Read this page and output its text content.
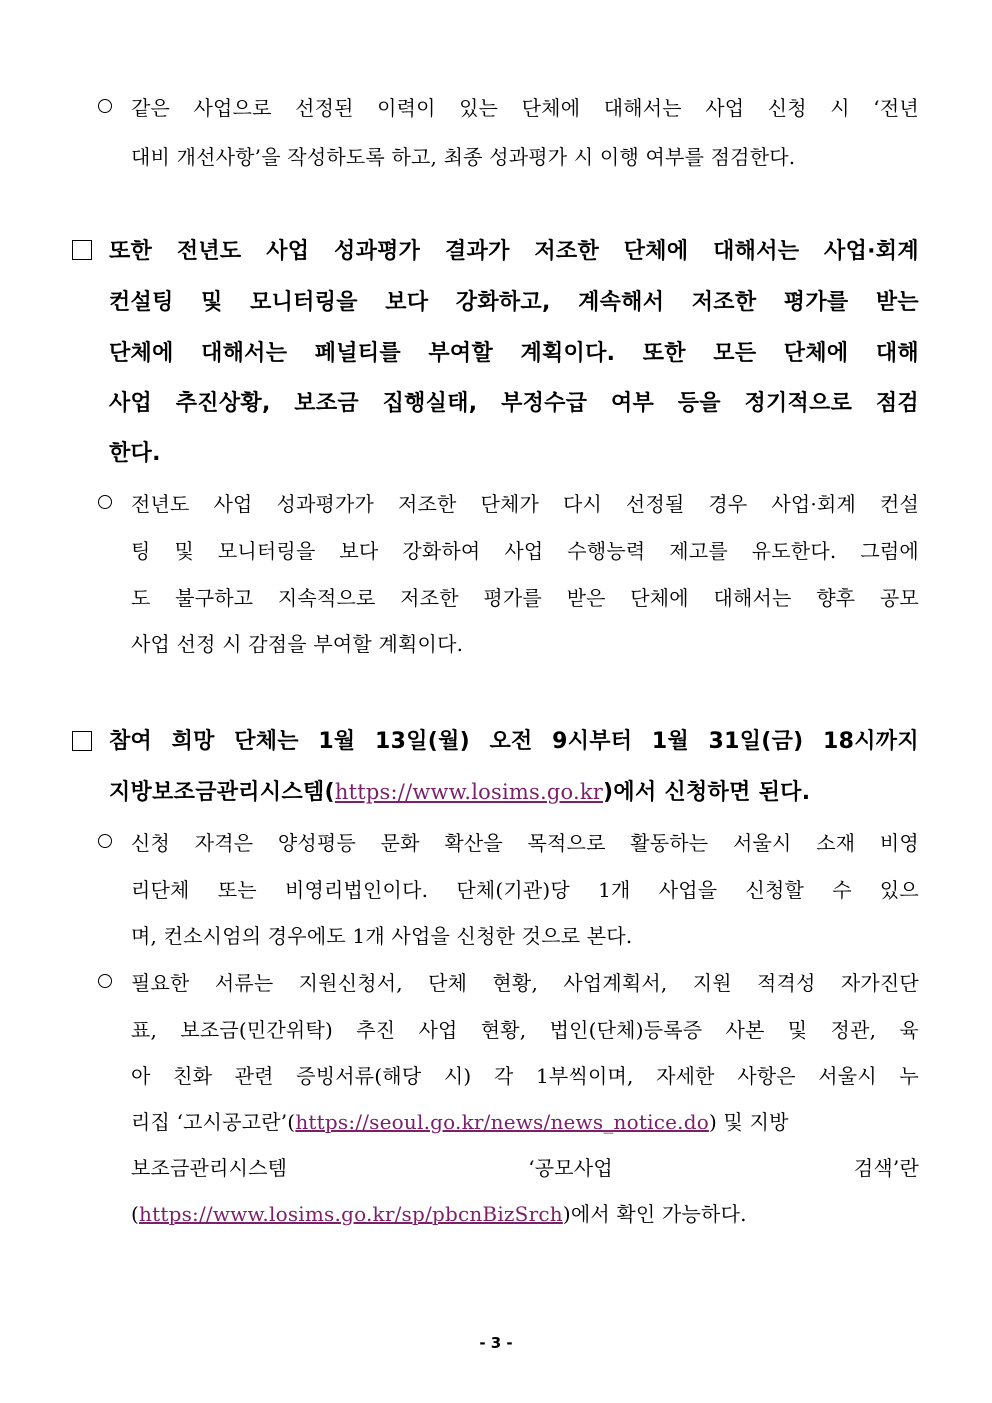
같은 사업으로 선정된 이력이 있는 단체에 대해서는 사업 신청 시 ‘전년
대비 개선사항’을 작성하도록 하고, 최종 성과평가 시 이행 여부를 점검한다.
또한 전년도 사업 성과평가 결과가 저조한 단체에 대해서는 사업·회계
컨설팅 및 모니터링을 보다 강화하고, 계속해서 저조한 평가를 받는
단체에 대해서는 페널티를 부여할 계획이다. 또한 모든 단체에 대해
사업 추진상황, 보조금 집행실태, 부정수급 여부 등을 정기적으로 점검
한다.
전년도 사업 성과평가가 저조한 단체가 다시 선정될 경우 사업·회계 컨설
팅 및 모니터링을 보다 강화하여 사업 수행능력 제고를 유도한다. 그럼에
도 불구하고 지속적으로 저조한 평가를 받은 단체에 대해서는 향후 공모
사업 선정 시 감점을 부여할 계획이다.
참여 희망 단체는 1월 13일(월) 오전 9시부터 1월 31일(금) 18시까지
지방보조금관리시스템(https://www.losims.go.kr)에서 신청하면 된다.
신청 자격은 양성평등 문화 확산을 목적으로 활동하는 서울시 소재 비영
리단체 또는 비영리법인이다. 단체(기관)당 1개 사업을 신청할 수 있으
며, 컨소시엄의 경우에도 1개 사업을 신청한 것으로 본다.
필요한 서류는 지원신청서, 단체 현황, 사업계획서, 지원 적격성 자가진단
표, 보조금(민간위탁) 추진 사업 현황, 법인(단체)등록증 사본 및 정관, 육
아 친화 관련 증빙서류(해당 시) 각 1부씩이며, 자세한 사항은 서울시 누
리집 ‘고시공고란’(https://seoul.go.kr/news/news_notice.do) 및 지방
보조금관리시스템	‘공모사업	검색’란
(https://www.losims.go.kr/sp/pbcnBizSrch)에서 확인 가능하다.
- 3 -
